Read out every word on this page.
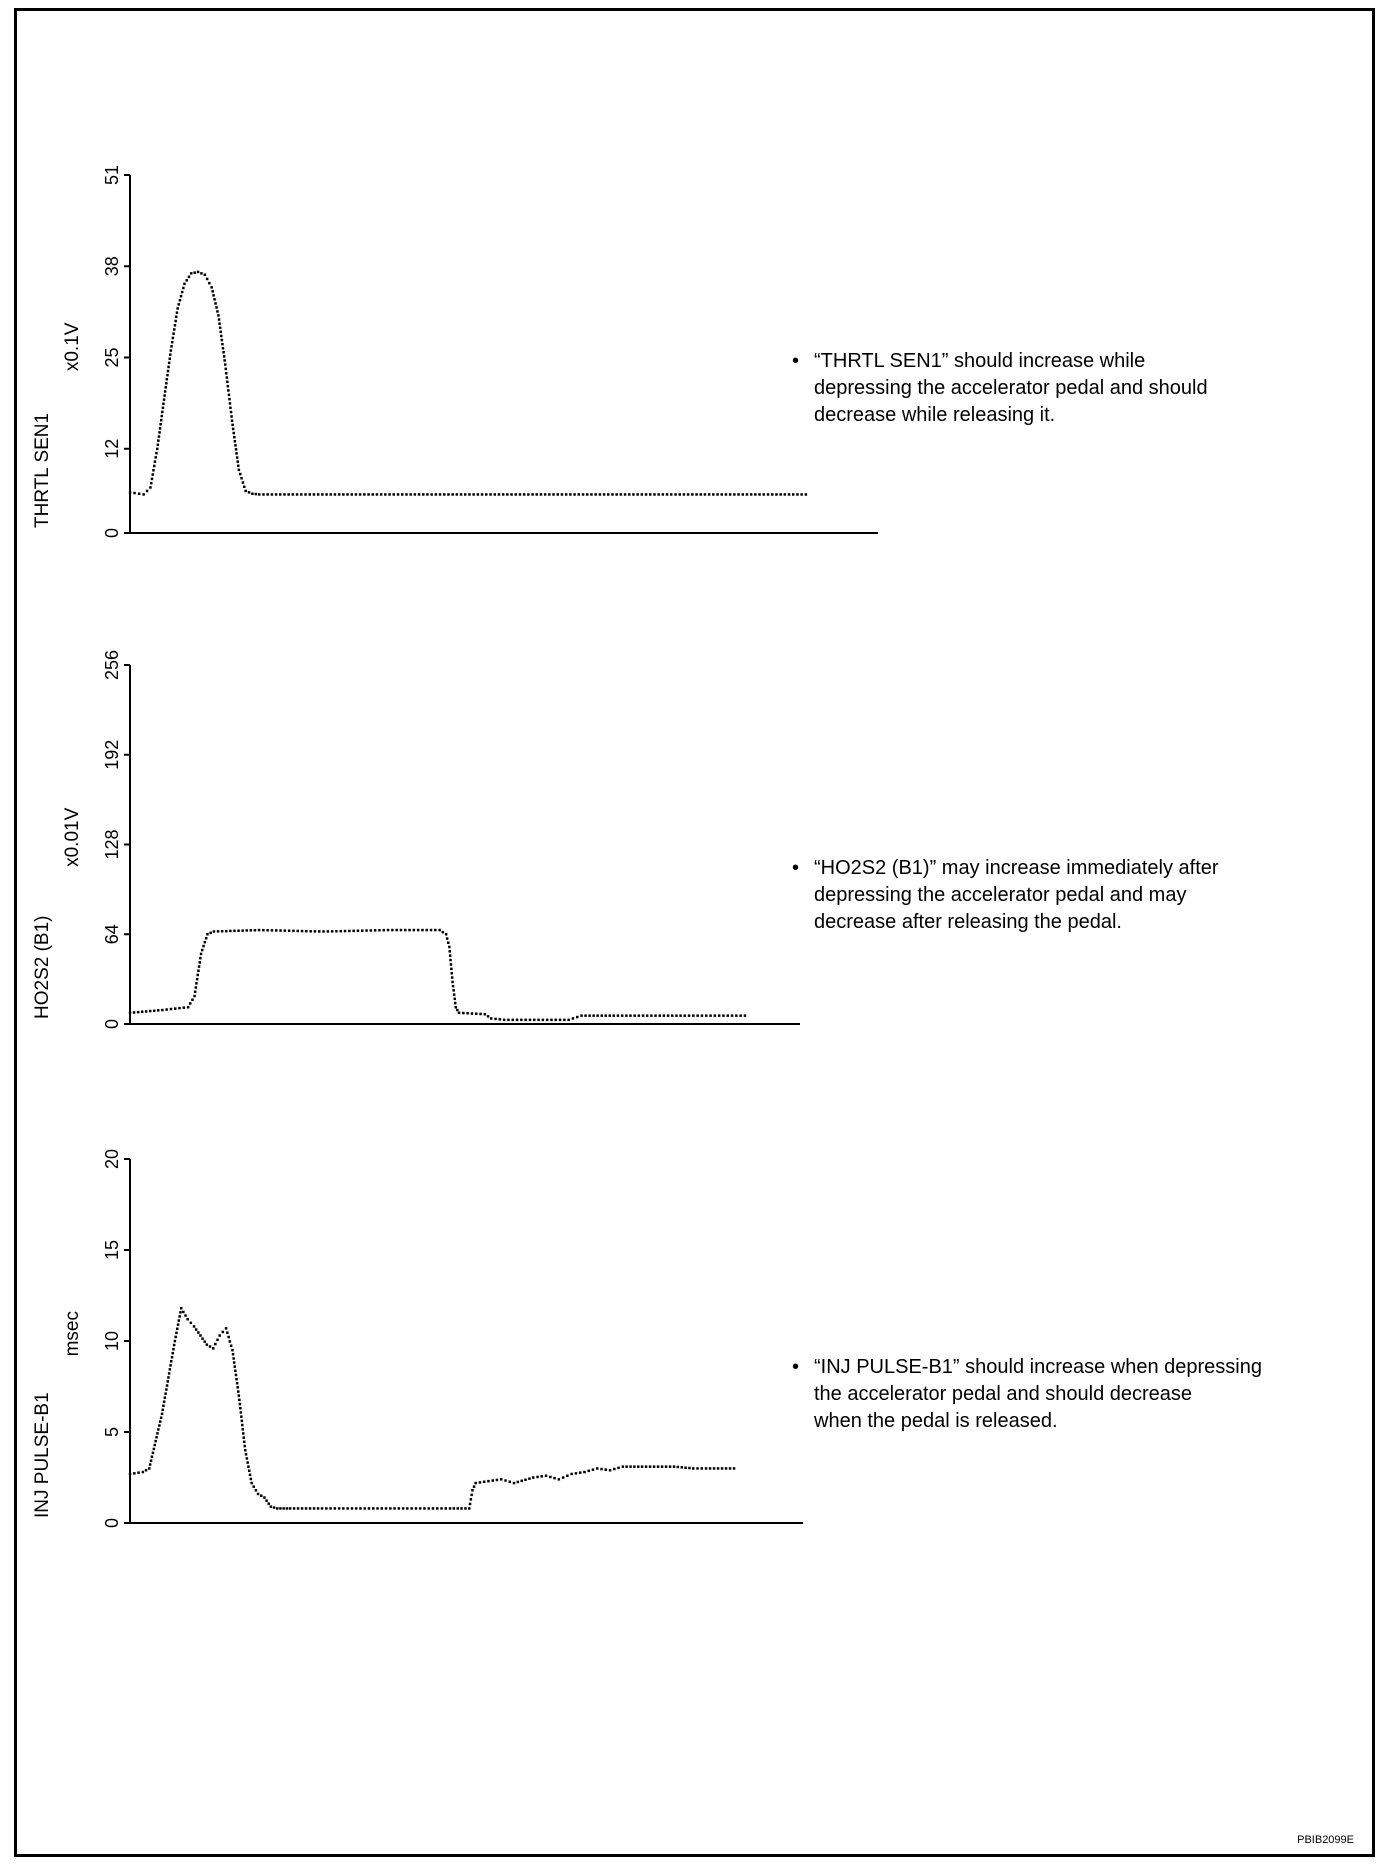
0
12
25
38
51
THRTL SEN1
x0.1V
0
64
128
192
256
HO2S2 (B1)
x0.01V
0
5
10
15
20
INJ PULSE-B1
msec
• “THRTL SEN1” should increase while
depressing the accelerator pedal and should
decrease while releasing it.
• “HO2S2 (B1)” may increase immediately after
depressing the accelerator pedal and may
decrease after releasing the pedal.
• “INJ PULSE-B1” should increase when depressing
the accelerator pedal and should decrease
when the pedal is released.
PBIB2099E
